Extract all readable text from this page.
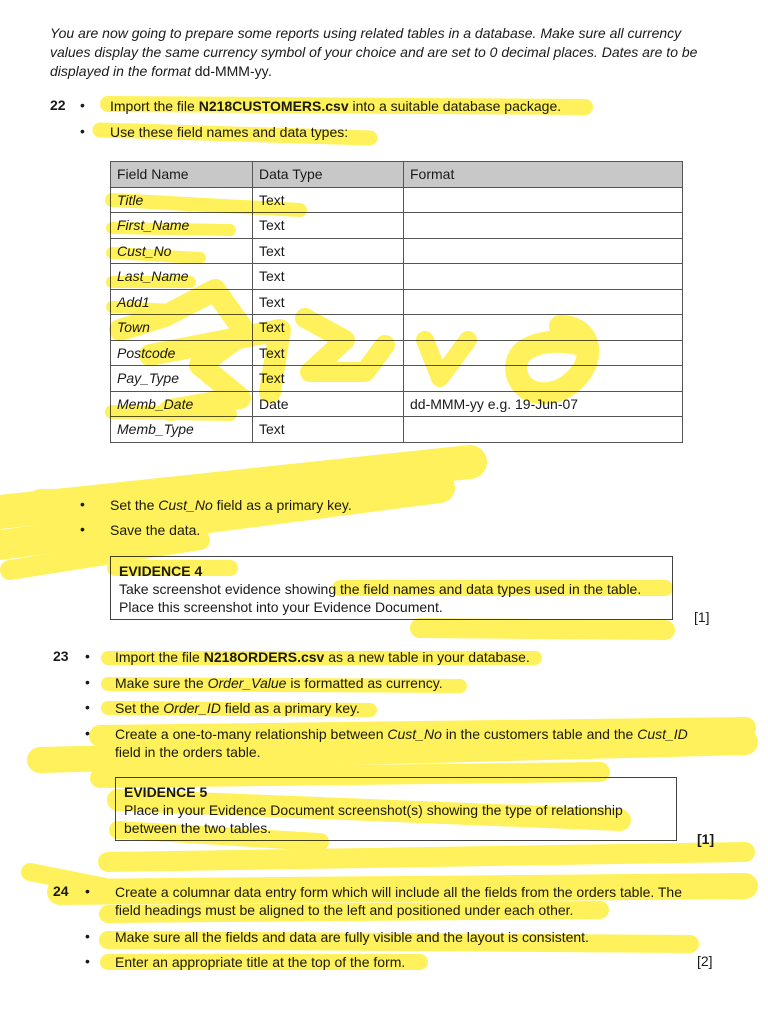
You are now going to prepare some reports using related tables in a database. Make sure all currency values display the same currency symbol of your choice and are set to 0 decimal places. Dates are to be displayed in the format dd-MMM-yy.
22 • Import the file N218CUSTOMERS.csv into a suitable database package.
• Use these field names and data types:
Field Name	Data Type	Format
Title	Text	
First_Name	Text	
Cust_No	Text	
Last_Name	Text	
Add1	Text	
Town	Text	
Postcode	Text	
Pay_Type	Text	
Memb_Date	Date	dd-MMM-yy e.g. 19-Jun-07
Memb_Type	Text	
• Set the Cust_No field as a primary key.
• Save the data.
EVIDENCE 4
Take screenshot evidence showing the field names and data types used in the table.
Place this screenshot into your Evidence Document.
[1]
23 • Import the file N218ORDERS.csv as a new table in your database.
• Make sure the Order_Value is formatted as currency.
• Set the Order_ID field as a primary key.
• Create a one-to-many relationship between Cust_No in the customers table and the Cust_ID
field in the orders table.
EVIDENCE 5
Place in your Evidence Document screenshot(s) showing the type of relationship
between the two tables.
[1]
24 • Create a columnar data entry form which will include all the fields from the orders table. The
field headings must be aligned to the left and positioned under each other.
• Make sure all the fields and data are fully visible and the layout is consistent.
• Enter an appropriate title at the top of the form.	[2]
